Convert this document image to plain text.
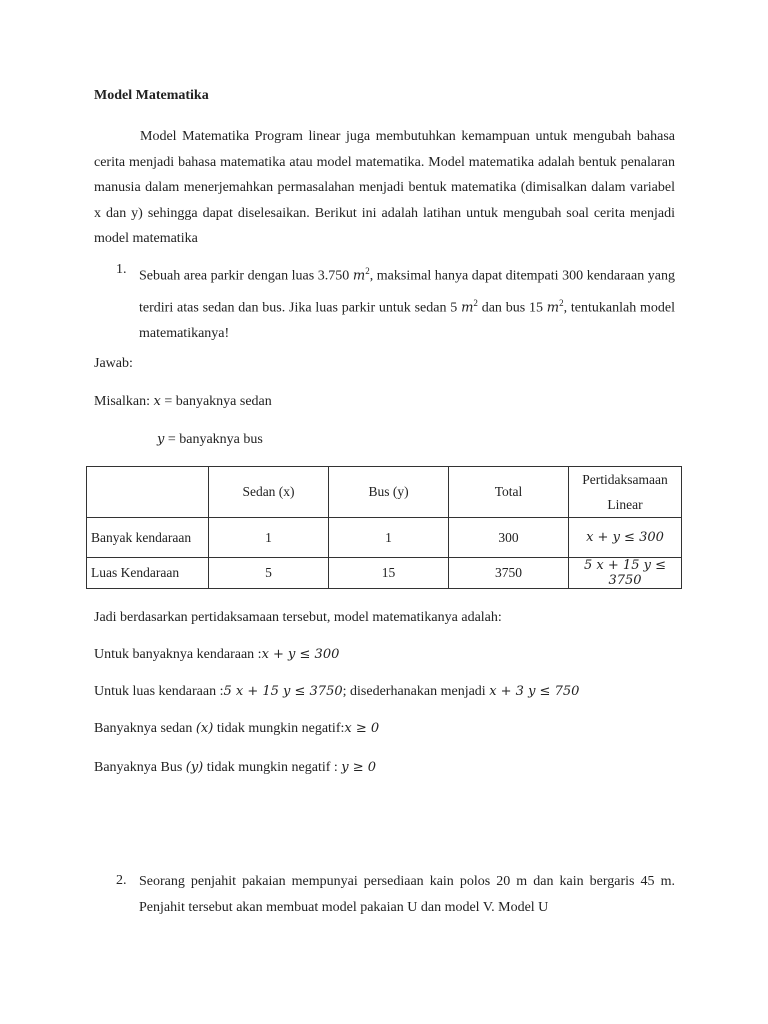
Model Matematika
Model Matematika Program linear juga membutuhkan kemampuan untuk mengubah bahasa cerita menjadi bahasa matematika atau model matematika. Model matematika adalah bentuk penalaran manusia dalam menerjemahkan permasalahan menjadi bentuk matematika (dimisalkan dalam variabel x dan y) sehingga dapat diselesaikan. Berikut ini adalah latihan untuk mengubah soal cerita menjadi model matematika
1. Sebuah area parkir dengan luas 3.750 $m^2$, maksimal hanya dapat ditempati 300 kendaraan yang terdiri atas sedan dan bus. Jika luas parkir untuk sedan 5 $m^2$ dan bus 15 $m^2$, tentukanlah model matematikanya!
Jawab:
Misalkan: x = banyaknya sedan
y = banyaknya bus
	Sedan (x)	Bus (y)	Total	Pertidaksamaan Linear
Banyak kendaraan	1	1	300	x + y ≤ 300
Luas Kendaraan	5	15	3750	5 x + 15 y ≤ 3750
Jadi berdasarkan pertidaksamaan tersebut, model matematikanya adalah:
Untuk banyaknya kendaraan :x + y ≤ 300
Untuk luas kendaraan :5 x + 15 y ≤ 3750; disederhanakan menjadi x + 3 y ≤ 750
Banyaknya sedan (x) tidak mungkin negatif:x ≥ 0
Banyaknya Bus (y) tidak mungkin negatif : y ≥ 0
2. Seorang penjahit pakaian mempunyai persediaan kain polos 20 m dan kain bergaris 45 m. Penjahit tersebut akan membuat model pakaian U dan model V. Model U
